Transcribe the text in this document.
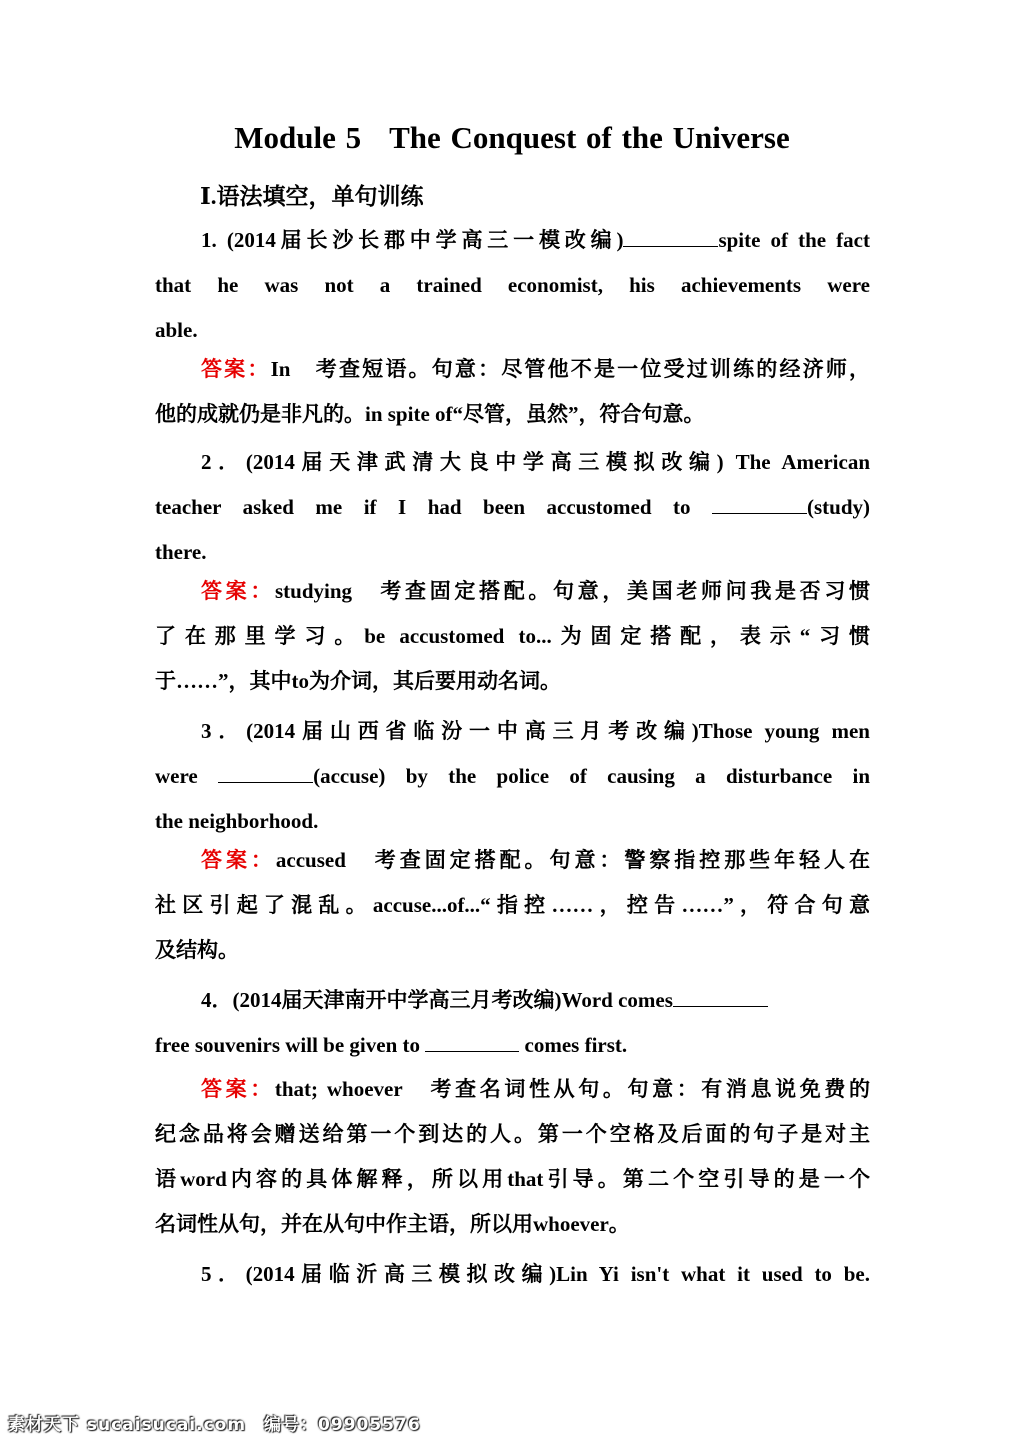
Module 5 The Conquest of the Universe
Ⅰ.语法填空，单句训练
1. (2014届长沙长郡中学高三一模改编)	spite of the fact
that he was not a trained economist, his achievements were
able.
答案：In　考查短语。句意：尽管他不是一位受过训练的经济师，
他的成就仍是非凡的。in spite of“尽管，虽然”，符合句意。
2．(2014届天津武清大良中学高三模拟改编) The American
teacher asked me if I had been accustomed to	(study)
there.
答案：studying　考查固定搭配。句意，美国老师问我是否习惯
了在那里学习。be accustomed to...为固定搭配，表示“习惯
于……”，其中to为介词，其后要用动名词。
3．(2014届山西省临汾一中高三月考改编)Those young men
were	(accuse) by the police of causing a disturbance in
the neighborhood.
答案：accused　考查固定搭配。句意：警察指控那些年轻人在
社区引起了混乱。accuse...of...“指控……，控告……”，符合句意
及结构。
4．(2014届天津南开中学高三月考改编)Word comes
free souvenirs will be given to	comes first.
答案：that; whoever　考查名词性从句。句意：有消息说免费的
纪念品将会赠送给第一个到达的人。第一个空格及后面的句子是对主
语word内容的具体解释，所以用that引导。第二个空引导的是一个
名词性从句，并在从句中作主语，所以用whoever。
5．(2014届临沂高三模拟改编)Lin Yi isn't what it used to be.
素材天下 sucaisucai.com　编号：09905576
